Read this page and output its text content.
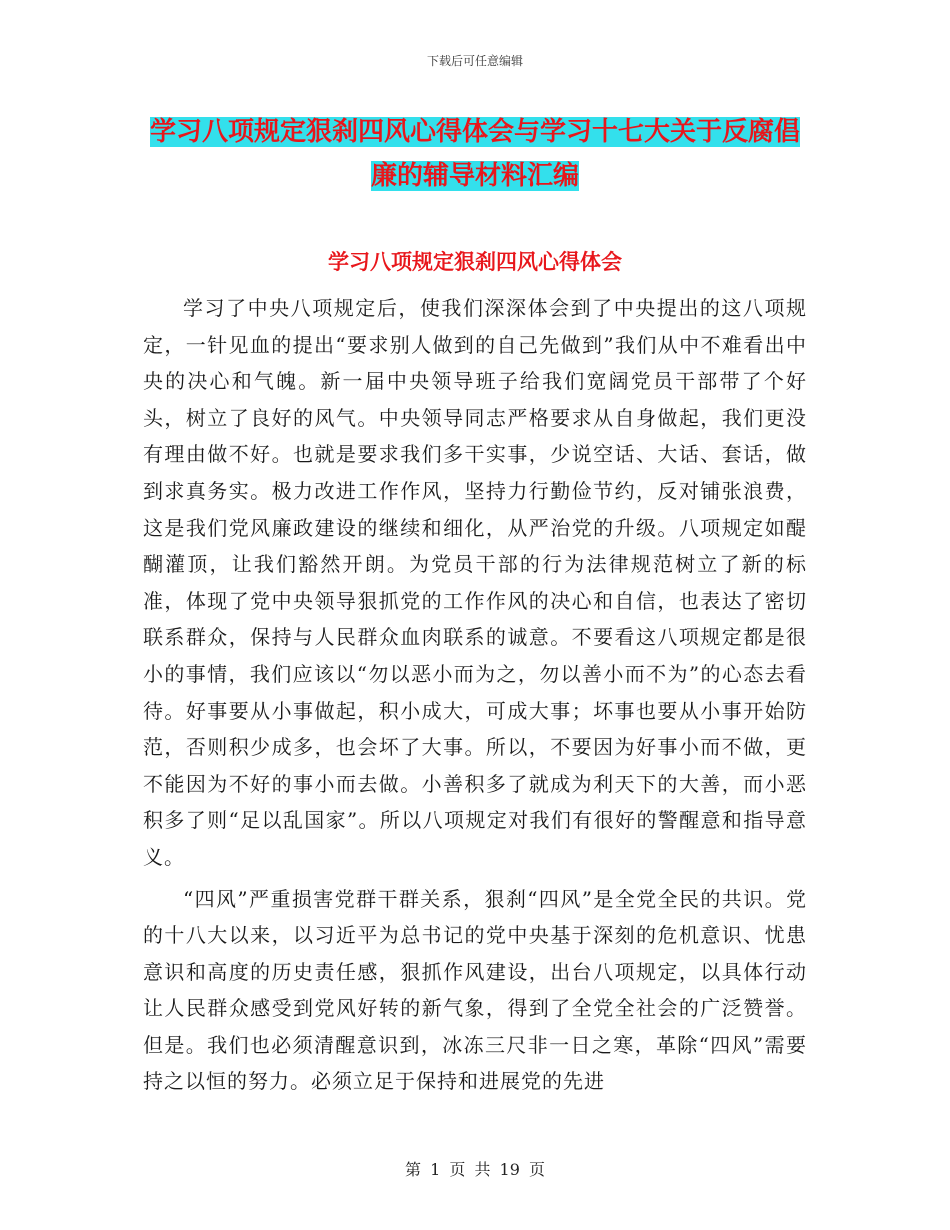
下载后可任意编辑
学习八项规定狠刹四风心得体会与学习十七大关于反腐倡廉的辅导材料汇编
学习八项规定狠刹四风心得体会

学习了中央八项规定后，使我们深深体会到了中央提出的这八项规定，一针见血的提出“要求别人做到的自己先做到”我们从中不难看出中央的决心和气魄。新一届中央领导班子给我们宽阔党员干部带了个好头，树立了良好的风气。中央领导同志严格要求从自身做起，我们更没有理由做不好。也就是要求我们多干实事，少说空话、大话、套话，做到求真务实。极力改进工作作风，坚持力行勤俭节约，反对铺张浪费，这是我们党风廉政建设的继续和细化，从严治党的升级。八项规定如醍醐灌顶，让我们豁然开朗。为党员干部的行为法律规范树立了新的标准，体现了党中央领导狠抓党的工作作风的决心和自信，也表达了密切联系群众，保持与人民群众血肉联系的诚意。不要看这八项规定都是很小的事情，我们应该以“勿以恶小而为之，勿以善小而不为”的心态去看待。好事要从小事做起，积小成大，可成大事；坏事也要从小事开始防范，否则积少成多，也会坏了大事。所以，不要因为好事小而不做，更不能因为不好的事小而去做。小善积多了就成为利天下的大善，而小恶积多了则“足以乱国家”。所以八项规定对我们有很好的警醒意和指导意义。

“四风”严重损害党群干群关系，狠刹“四风”是全党全民的共识。党的十八大以来，以习近平为总书记的党中央基于深刻的危机意识、忧患意识和高度的历史责任感，狠抓作风建设，出台八项规定，以具体行动让人民群众感受到党风好转的新气象，得到了全党全社会的广泛赞誉。但是。我们也必须清醒意识到，冰冻三尺非一日之寒，革除“四风”需要持之以恒的努力。必须立足于保持和进展党的先进

第 1 页 共 19 页
